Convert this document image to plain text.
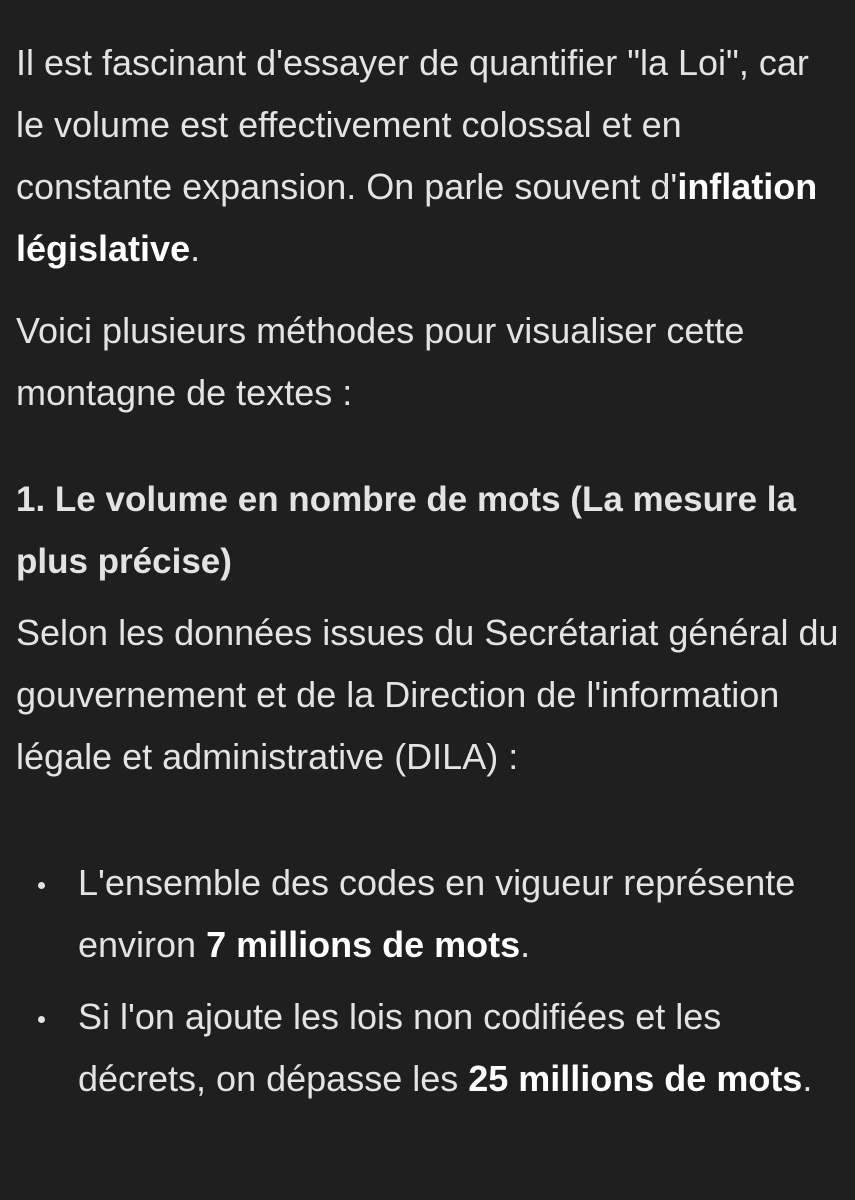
Il est fascinant d'essayer de quantifier "la Loi", car le volume est effectivement colossal et en constante expansion. On parle souvent d'inflation législative.

Voici plusieurs méthodes pour visualiser cette montagne de textes :

1. Le volume en nombre de mots (La mesure la plus précise)

Selon les données issues du Secrétariat général du gouvernement et de la Direction de l'information légale et administrative (DILA) :

L'ensemble des codes en vigueur représente environ 7 millions de mots.
Si l'on ajoute les lois non codifiées et les décrets, on dépasse les 25 millions de mots.
